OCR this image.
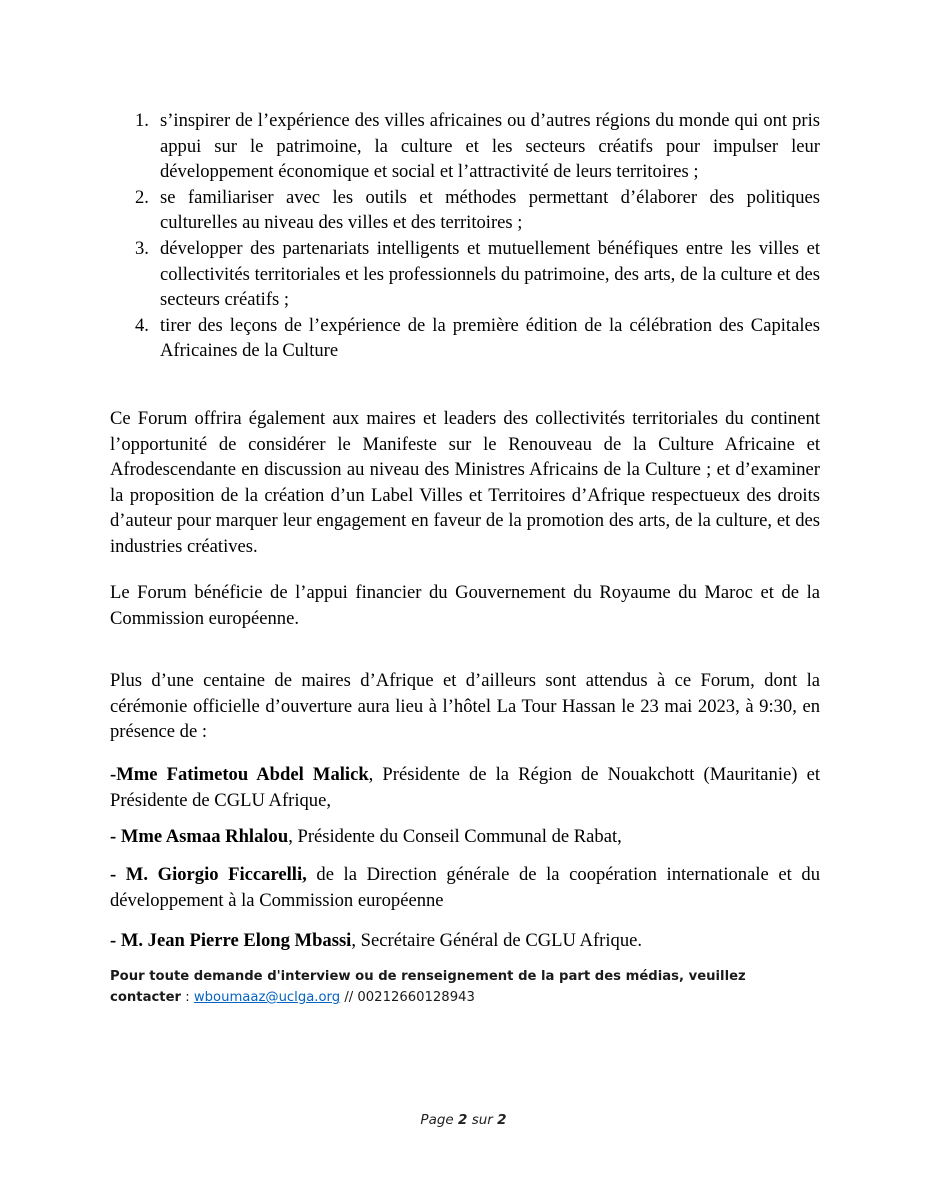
1. s’inspirer de l’expérience des villes africaines ou d’autres régions du monde qui ont pris appui sur le patrimoine, la culture et les secteurs créatifs pour impulser leur développement économique et social et l’attractivité de leurs territoires ;
2. se familiariser avec les outils et méthodes permettant d’élaborer des politiques culturelles au niveau des villes et des territoires ;
3. développer des partenariats intelligents et mutuellement bénéfiques entre les villes et collectivités territoriales et les professionnels du patrimoine, des arts, de la culture et des secteurs créatifs ;
4. tirer des leçons de l’expérience de la première édition de la célébration des Capitales Africaines de la Culture

Ce Forum offrira également aux maires et leaders des collectivités territoriales du continent l’opportunité de considérer le Manifeste sur le Renouveau de la Culture Africaine et Afrodescendante en discussion au niveau des Ministres Africains de la Culture ; et d’examiner la proposition de la création d’un Label Villes et Territoires d’Afrique respectueux des droits d’auteur pour marquer leur engagement en faveur de la promotion des arts, de la culture, et des industries créatives.

Le Forum bénéficie de l’appui financier du Gouvernement du Royaume du Maroc et de la Commission européenne.

Plus d’une centaine de maires d’Afrique et d’ailleurs sont attendus à ce Forum, dont la cérémonie officielle d’ouverture aura lieu à l’hôtel La Tour Hassan le 23 mai 2023, à 9:30, en présence de :

-Mme Fatimetou Abdel Malick, Présidente de la Région de Nouakchott (Mauritanie) et Présidente de CGLU Afrique,

- Mme Asmaa Rhlalou, Présidente du Conseil Communal de Rabat,

- M. Giorgio Ficcarelli, de la Direction générale de la coopération internationale et du développement à la Commission européenne

- M. Jean Pierre Elong Mbassi, Secrétaire Général de CGLU Afrique.

Pour toute demande d'interview ou de renseignement de la part des médias, veuillez
contacter : wboumaaz@uclga.org // 00212660128943

Page 2 sur 2
